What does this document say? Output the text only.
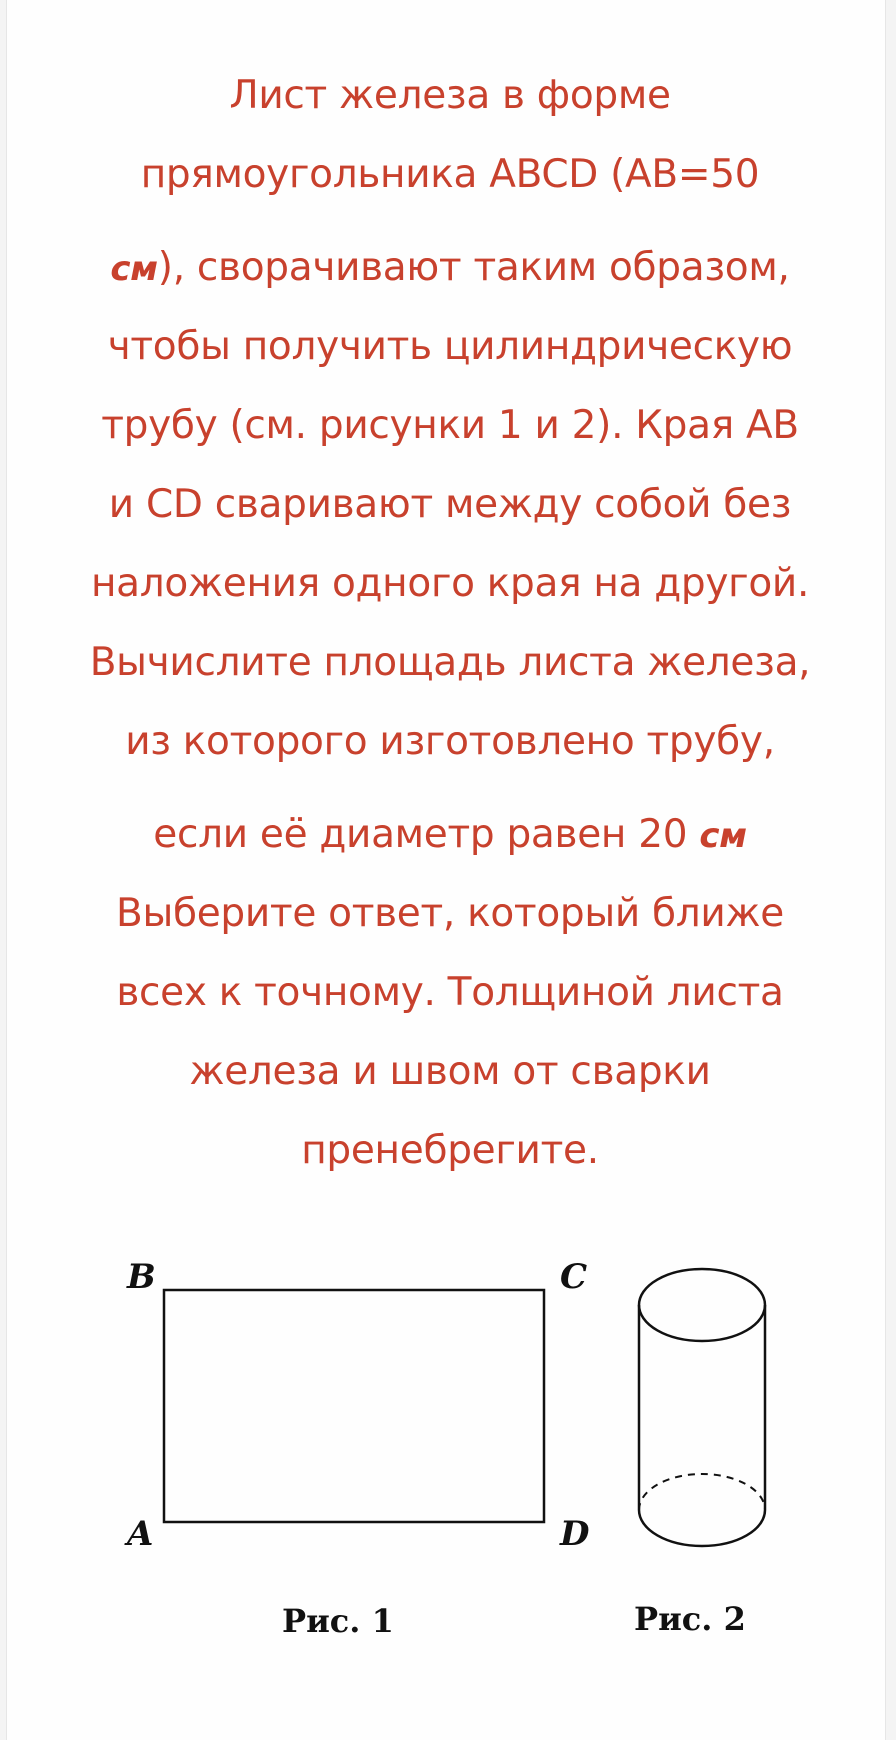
Лист железа в форме
прямоугольника ABCD (AB=50
см), сворачивают таким образом,
чтобы получить цилиндрическую
трубу (см. рисунки 1 и 2). Края AB
и CD сваривают между собой без
наложения одного края на другой.
Вычислите площадь листа железа,
из которого изготовлено трубу,
если её диаметр равен 20 см
Выберите ответ, который ближе
всех к точному. Толщиной листа
железа и швом от сварки
пренебрегите.
B	C
A	D
Рис. 1	Рис. 2
